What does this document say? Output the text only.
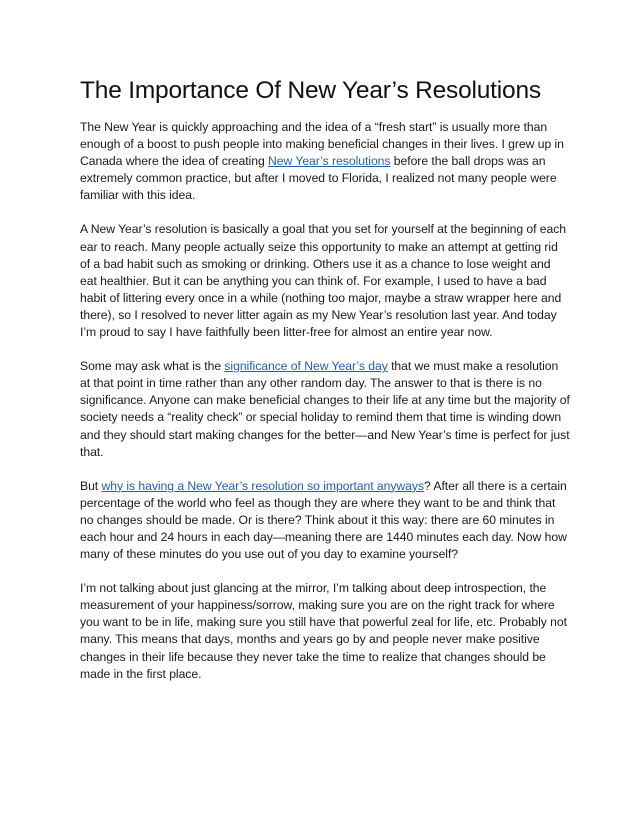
The Importance Of New Year’s Resolutions

The New Year is quickly approaching and the idea of a “fresh start” is usually more than enough of a boost to push people into making beneficial changes in their lives. I grew up in Canada where the idea of creating New Year’s resolutions before the ball drops was an extremely common practice, but after I moved to Florida, I realized not many people were familiar with this idea.

A New Year’s resolution is basically a goal that you set for yourself at the beginning of each ear to reach. Many people actually seize this opportunity to make an attempt at getting rid of a bad habit such as smoking or drinking. Others use it as a chance to lose weight and eat healthier. But it can be anything you can think of. For example, I used to have a bad habit of littering every once in a while (nothing too major, maybe a straw wrapper here and there), so I resolved to never litter again as my New Year’s resolution last year. And today I’m proud to say I have faithfully been litter-free for almost an entire year now.

Some may ask what is the significance of New Year’s day that we must make a resolution at that point in time rather than any other random day. The answer to that is there is no significance. Anyone can make beneficial changes to their life at any time but the majority of society needs a “reality check” or special holiday to remind them that time is winding down and they should start making changes for the better—and New Year’s time is perfect for just that.

But why is having a New Year’s resolution so important anyways? After all there is a certain percentage of the world who feel as though they are where they want to be and think that no changes should be made. Or is there? Think about it this way: there are 60 minutes in each hour and 24 hours in each day—meaning there are 1440 minutes each day. Now how many of these minutes do you use out of you day to examine yourself?

I’m not talking about just glancing at the mirror, I’m talking about deep introspection, the measurement of your happiness/sorrow, making sure you are on the right track for where you want to be in life, making sure you still have that powerful zeal for life, etc. Probably not many. This means that days, months and years go by and people never make positive changes in their life because they never take the time to realize that changes should be made in the first place.
